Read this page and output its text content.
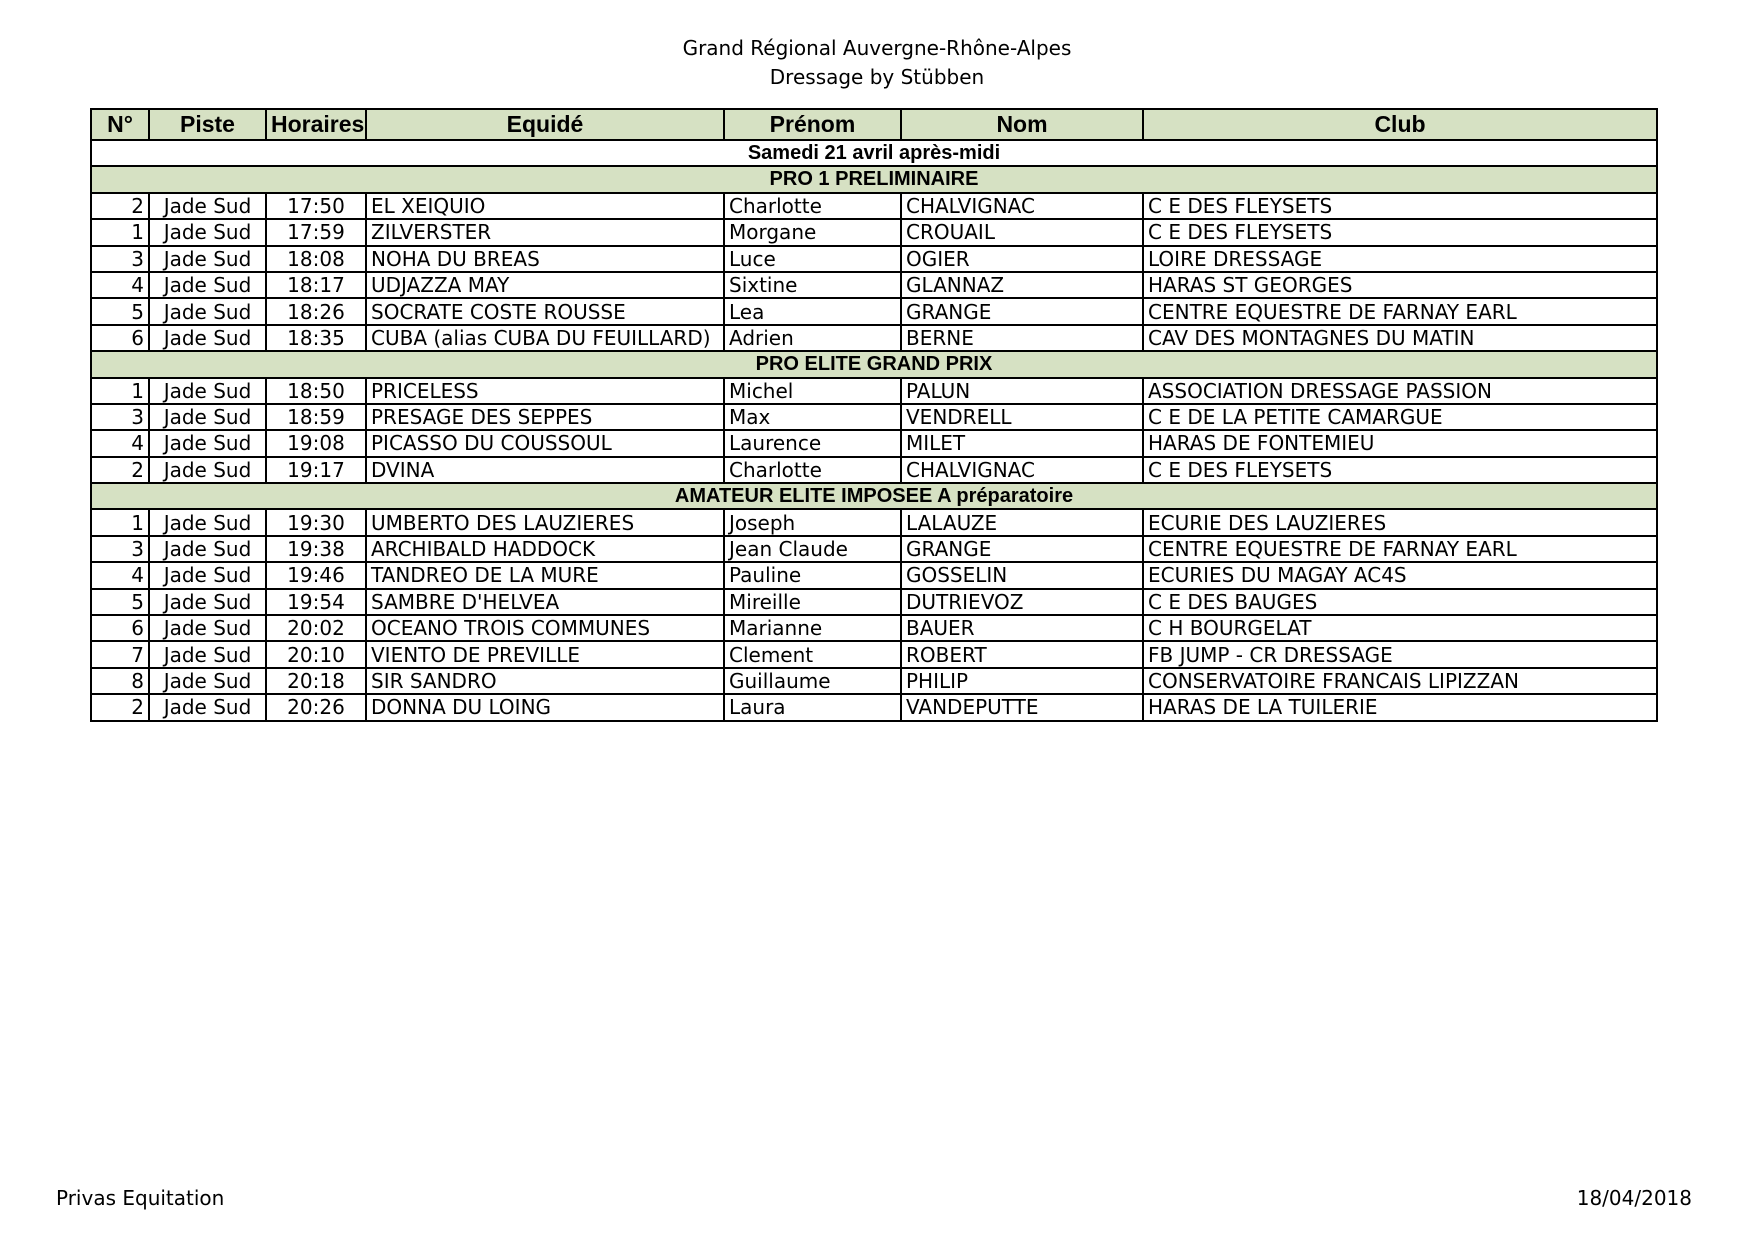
Grand Régional Auvergne-Rhône-Alpes
Dressage by Stübben
N°	Piste	Horaires	Equidé	Prénom	Nom	Club
Samedi 21 avril après-midi						
PRO 1 PRELIMINAIRE						
2	Jade Sud	17:50	EL XEIQUIO	Charlotte	CHALVIGNAC	C E DES FLEYSETS
1	Jade Sud	17:59	ZILVERSTER	Morgane	CROUAIL	C E DES FLEYSETS
3	Jade Sud	18:08	NOHA DU BREAS	Luce	OGIER	LOIRE DRESSAGE
4	Jade Sud	18:17	UDJAZZA MAY	Sixtine	GLANNAZ	HARAS ST GEORGES
5	Jade Sud	18:26	SOCRATE COSTE ROUSSE	Lea	GRANGE	CENTRE EQUESTRE DE FARNAY EARL
6	Jade Sud	18:35	CUBA (alias CUBA DU FEUILLARD)	Adrien	BERNE	CAV DES MONTAGNES DU MATIN
PRO ELITE GRAND PRIX						
1	Jade Sud	18:50	PRICELESS	Michel	PALUN	ASSOCIATION DRESSAGE PASSION
3	Jade Sud	18:59	PRESAGE DES SEPPES	Max	VENDRELL	C E DE LA PETITE CAMARGUE
4	Jade Sud	19:08	PICASSO DU COUSSOUL	Laurence	MILET	HARAS DE FONTEMIEU
2	Jade Sud	19:17	DVINA	Charlotte	CHALVIGNAC	C E DES FLEYSETS
AMATEUR ELITE IMPOSEE A préparatoire						
1	Jade Sud	19:30	UMBERTO DES LAUZIERES	Joseph	LALAUZE	ECURIE DES LAUZIERES
3	Jade Sud	19:38	ARCHIBALD HADDOCK	Jean Claude	GRANGE	CENTRE EQUESTRE DE FARNAY EARL
4	Jade Sud	19:46	TANDREO DE LA MURE	Pauline	GOSSELIN	ECURIES DU MAGAY AC4S
5	Jade Sud	19:54	SAMBRE D'HELVEA	Mireille	DUTRIEVOZ	C E DES BAUGES
6	Jade Sud	20:02	OCEANO TROIS COMMUNES	Marianne	BAUER	C H BOURGELAT
7	Jade Sud	20:10	VIENTO DE PREVILLE	Clement	ROBERT	FB JUMP - CR DRESSAGE
8	Jade Sud	20:18	SIR SANDRO	Guillaume	PHILIP	CONSERVATOIRE FRANCAIS LIPIZZAN
2	Jade Sud	20:26	DONNA DU LOING	Laura	VANDEPUTTE	HARAS DE LA TUILERIE
Privas Equitation	18/04/2018
